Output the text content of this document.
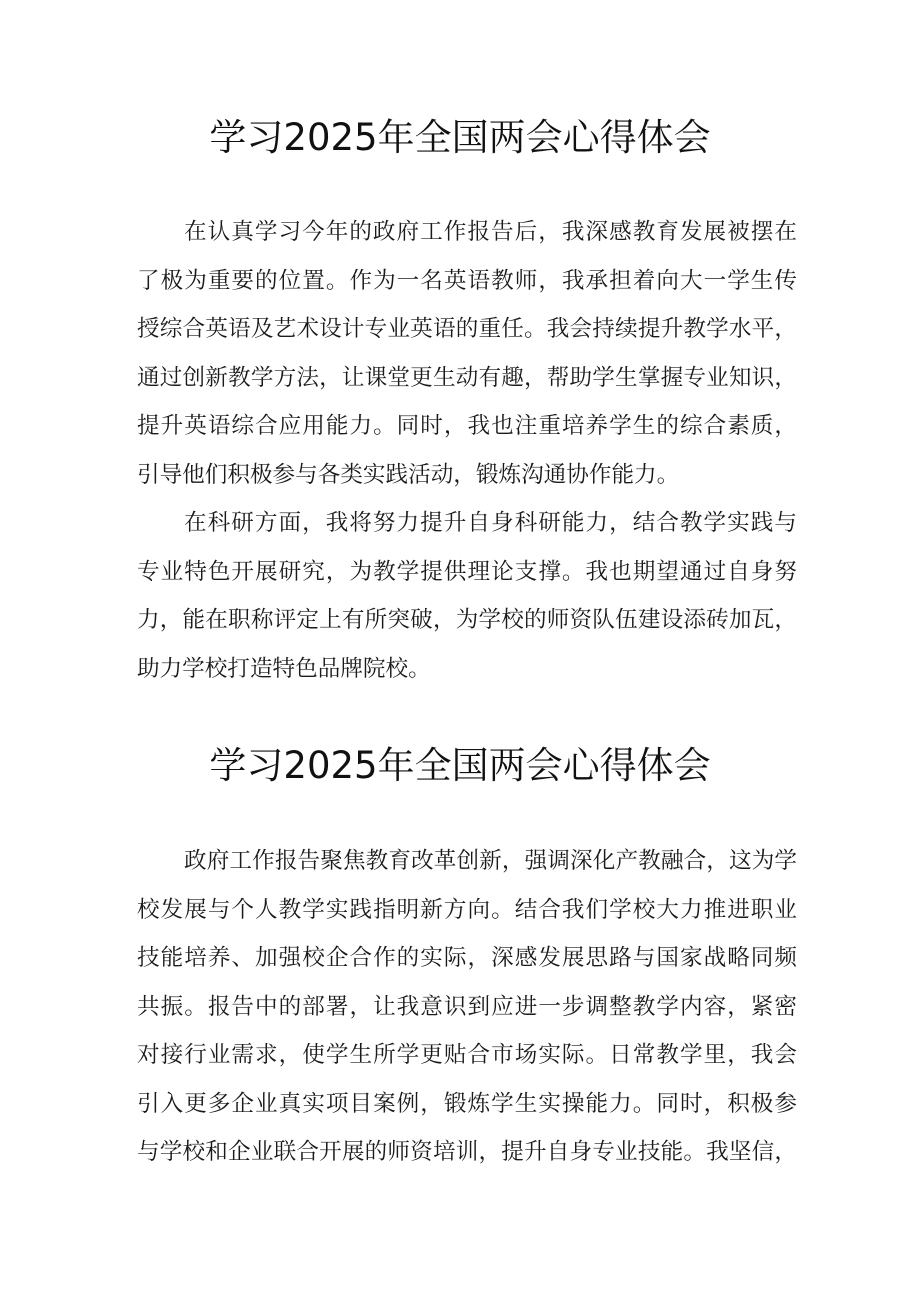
学习2025年全国两会心得体会

在认真学习今年的政府工作报告后，我深感教育发展被摆在
了极为重要的位置。作为一名英语教师，我承担着向大一学生传
授综合英语及艺术设计专业英语的重任。我会持续提升教学水平，
通过创新教学方法，让课堂更生动有趣，帮助学生掌握专业知识，
提升英语综合应用能力。同时，我也注重培养学生的综合素质，
引导他们积极参与各类实践活动，锻炼沟通协作能力。

在科研方面，我将努力提升自身科研能力，结合教学实践与
专业特色开展研究，为教学提供理论支撑。我也期望通过自身努
力，能在职称评定上有所突破，为学校的师资队伍建设添砖加瓦，
助力学校打造特色品牌院校。

学习2025年全国两会心得体会

政府工作报告聚焦教育改革创新，强调深化产教融合，这为学
校发展与个人教学实践指明新方向。结合我们学校大力推进职业
技能培养、加强校企合作的实际，深感发展思路与国家战略同频
共振。报告中的部署，让我意识到应进一步调整教学内容，紧密
对接行业需求，使学生所学更贴合市场实际。日常教学里，我会
引入更多企业真实项目案例，锻炼学生实操能力。同时，积极参
与学校和企业联合开展的师资培训，提升自身专业技能。我坚信，
